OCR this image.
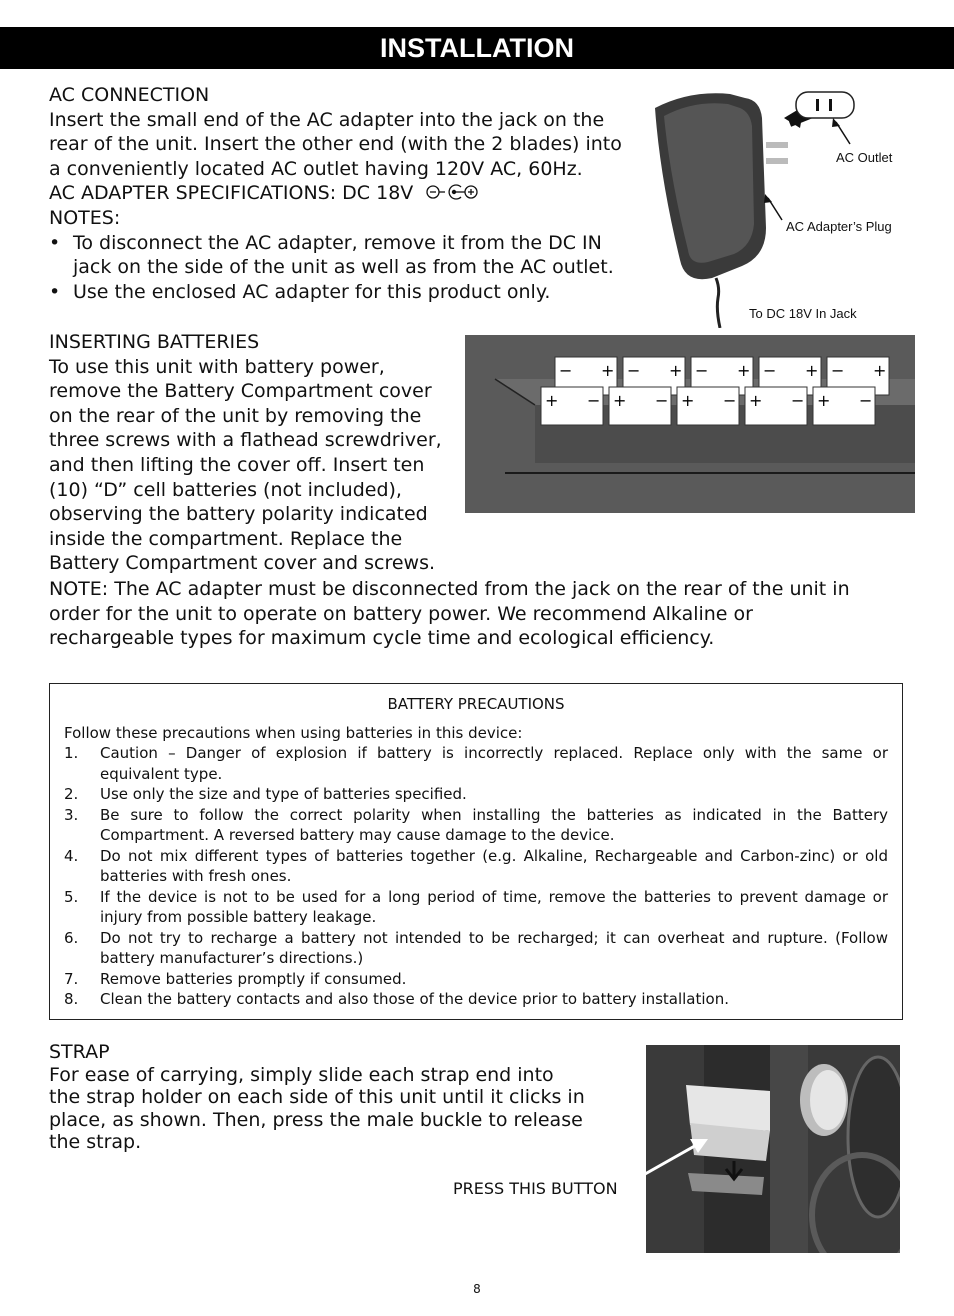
INSTALLATION
AC CONNECTION
Insert the small end of the AC adapter into the jack on the rear of the unit. Insert the other end (with the 2 blades) into a conveniently located AC outlet having 120V AC, 60Hz.
AC ADAPTER SPECIFICATIONS: DC 18V
NOTES:
• To disconnect the AC adapter, remove it from the DC IN jack on the side of the unit as well as from the AC outlet.
• Use the enclosed AC adapter for this product only.
AC Outlet
AC Adapter’s Plug
To DC 18V In Jack
INSERTING BATTERIES
To use this unit with battery power, remove the Battery Compartment cover on the rear of the unit by removing the three screws with a flathead screwdriver, and then lifting the cover off. Insert ten (10) “D” cell batteries (not included), observing the battery polarity indicated inside the compartment. Replace the Battery Compartment cover and screws.
NOTE: The AC adapter must be disconnected from the jack on the rear of the unit in order for the unit to operate on battery power. We recommend Alkaline or rechargeable types for maximum cycle time and ecological efficiency.
− + − + − + − + − +
+ − + − + − + − + −
BATTERY PRECAUTIONS
Follow these precautions when using batteries in this device:
1. Caution – Danger of explosion if battery is incorrectly replaced. Replace only with the same or equivalent type.
2. Use only the size and type of batteries specified.
3. Be sure to follow the correct polarity when installing the batteries as indicated in the Battery Compartment. A reversed battery may cause damage to the device.
4. Do not mix different types of batteries together (e.g. Alkaline, Rechargeable and Carbon-zinc) or old batteries with fresh ones.
5. If the device is not to be used for a long period of time, remove the batteries to prevent damage or injury from possible battery leakage.
6. Do not try to recharge a battery not intended to be recharged; it can overheat and rupture. (Follow battery manufacturer’s directions.)
7. Remove batteries promptly if consumed.
8. Clean the battery contacts and also those of the device prior to battery installation.
STRAP
For ease of carrying, simply slide each strap end into the strap holder on each side of this unit until it clicks in place, as shown. Then, press the male buckle to release the strap.
PRESS THIS BUTTON
8
